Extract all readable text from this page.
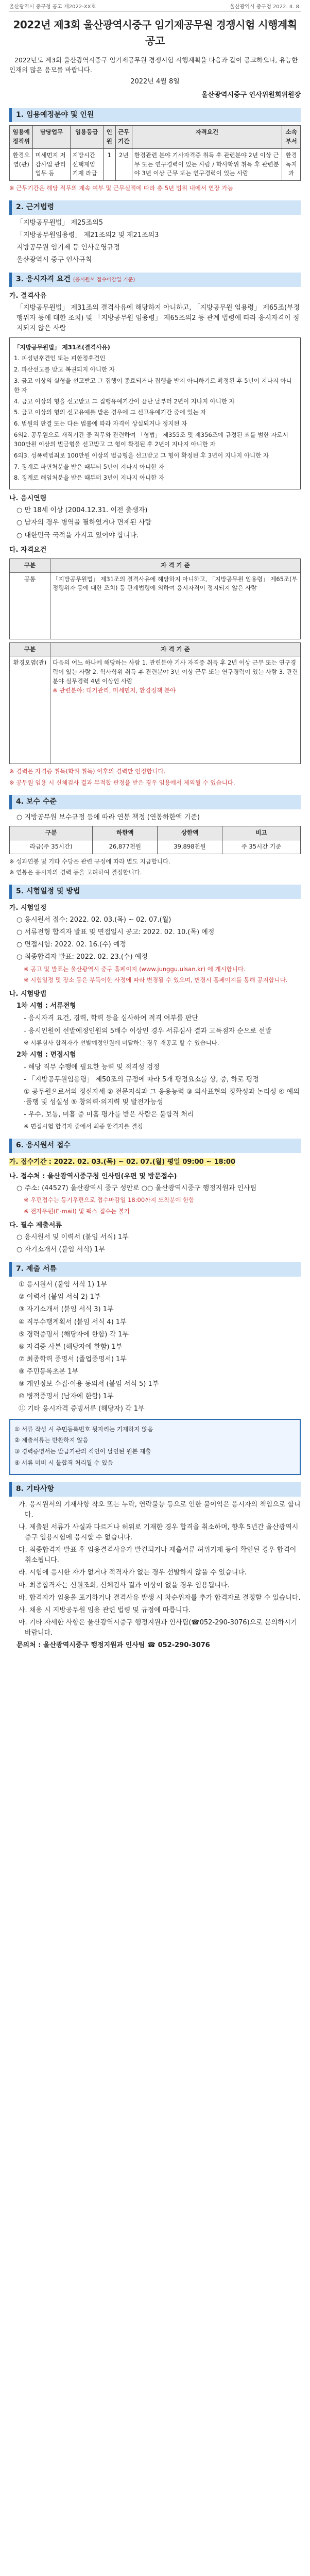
울산광역시 중구청 공고 제2022-XX호	울산광역시 중구청 2022. 4. 8.
2022년 제3회 울산광역시중구 임기제공무원 경쟁시험 시행계획 공고

2022년도 제3회 울산광역시중구 임기제공무원 경쟁시험 시행계획을 다음과 같이 공고하오니, 유능한 인재의 많은 응모를 바랍니다.

2022년 4월 8일

울산광역시중구 인사위원회위원장

1. 임용예정분야 및 인원
임용예정직위	담당업무	임용등급	인원	근무기간	자격요건	소속부서
환경오염(관)	미세먼지 저감사업 관리 업무 등	지방시간선택제임기제 라급	1	2년	환경관련 분야 기사자격증 취득 후 관련분야 2년 이상 근무 또는 연구경력이 있는 사람 / 학사학위 취득 후 관련분야 3년 이상 근무 또는 연구경력이 있는 사람	환경녹지과

※ 근무기간은 해당 직무의 계속 여부 및 근무실적에 따라 총 5년 범위 내에서 연장 가능

2. 근거법령

「지방공무원법」 제25조의5

「지방공무원임용령」 제21조의2 및 제21조의3

지방공무원 임기제 등 인사운영규정

울산광역시 중구 인사규칙

3. 응시자격 요건 (응시원서 접수마감일 기준)
가. 결격사유

「지방공무원법」 제31조의 결격사유에 해당하지 아니하고, 「지방공무원 임용령」 제65조(부정행위자 등에 대한 조치) 및 「지방공무원 임용령」 제65조의2 등 관계 법령에 따라 응시자격이 정지되지 않은 사람

「지방공무원법」 제31조(결격사유)

1. 피성년후견인 또는 피한정후견인

2. 파산선고를 받고 복권되지 아니한 자

3. 금고 이상의 실형을 선고받고 그 집행이 종료되거나 집행을 받지 아니하기로 확정된 후 5년이 지나지 아니한 자

4. 금고 이상의 형을 선고받고 그 집행유예기간이 끝난 날부터 2년이 지나지 아니한 자

5. 금고 이상의 형의 선고유예를 받은 경우에 그 선고유예기간 중에 있는 자

6. 법원의 판결 또는 다른 법률에 따라 자격이 상실되거나 정지된 자

6의2. 공무원으로 재직기간 중 직무와 관련하여 「형법」 제355조 및 제356조에 규정된 죄를 범한 자로서 300만원 이상의 벌금형을 선고받고 그 형이 확정된 후 2년이 지나지 아니한 자

6의3. 성폭력범죄로 100만원 이상의 벌금형을 선고받고 그 형이 확정된 후 3년이 지나지 아니한 자

7. 징계로 파면처분을 받은 때부터 5년이 지나지 아니한 자

8. 징계로 해임처분을 받은 때부터 3년이 지나지 아니한 자

나. 응시연령

○ 만 18세 이상 (2004.12.31. 이전 출생자)

○ 남자의 경우 병역을 필하였거나 면제된 사람

○ 대한민국 국적을 가지고 있어야 합니다.

다. 자격요건
구분	자 격 기 준
공통	「지방공무원법」 제31조의 결격사유에 해당하지 아니하고, 「지방공무원 임용령」 제65조(부정행위자 등에 대한 조치) 등 관계법령에 의하여 응시자격이 정지되지 않은 사람
구분	자 격 기 준
환경오염(관)	다음의 어느 하나에 해당하는 사람 1. 관련분야 기사 자격증 취득 후 2년 이상 근무 또는 연구경력이 있는 사람 2. 학사학위 취득 후 관련분야 3년 이상 근무 또는 연구경력이 있는 사람 3. 관련분야 실무경력 4년 이상인 사람
※ 관련분야: 대기관리, 미세먼지, 환경정책 분야

※ 경력은 자격증 취득(학위 취득) 이후의 경력만 인정합니다.

※ 공무원 임용 시 신체검사 결과 부적합 판정을 받은 경우 임용에서 제외될 수 있습니다.

4. 보수 수준

○ 지방공무원 보수규정 등에 따라 연봉 책정 (연봉하한액 기준)

구분	하한액	상한액	비고
라급(주 35시간)	26,877천원	39,898천원	주 35시간 기준

※ 성과연봉 및 기타 수당은 관련 규정에 따라 별도 지급합니다.

※ 연봉은 응시자의 경력 등을 고려하여 결정합니다.

5. 시험일정 및 방법
가. 시험일정

○ 응시원서 접수: 2022. 02. 03.(목) ~ 02. 07.(월)

○ 서류전형 합격자 발표 및 면접일시 공고: 2022. 02. 10.(목) 예정

○ 면접시험: 2022. 02. 16.(수) 예정

○ 최종합격자 발표: 2022. 02. 23.(수) 예정

※ 공고 및 발표는 울산광역시 중구 홈페이지 (www.junggu.ulsan.kr) 에 게시합니다.

※ 시험일정 및 장소 등은 부득이한 사정에 따라 변경될 수 있으며, 변경시 홈페이지를 통해 공지합니다.

나. 시험방법

1차 시험 : 서류전형

- 응시자격 요건, 경력, 학력 등을 심사하여 적격 여부를 판단

- 응시인원이 선발예정인원의 5배수 이상인 경우 서류심사 결과 고득점자 순으로 선발

※ 서류심사 합격자가 선발예정인원에 미달하는 경우 재공고 할 수 있습니다.

2차 시험 : 면접시험

- 해당 직무 수행에 필요한 능력 및 적격성 검정

- 「지방공무원임용령」 제50조의 규정에 따라 5개 평정요소를 상, 중, 하로 평정

① 공무원으로서의 정신자세 ② 전문지식과 그 응용능력 ③ 의사표현의 정확성과 논리성 ④ 예의·품행 및 성실성 ⑤ 창의력·의지력 및 발전가능성

- 우수, 보통, 미흡 중 미흡 평가를 받은 사람은 불합격 처리

※ 면접시험 합격자 중에서 최종 합격자를 결정

6. 응시원서 접수
가. 접수기간 : 2022. 02. 03.(목) ~ 02. 07.(월) 평일 09:00 ~ 18:00
나. 접수처 : 울산광역시중구청 인사팀(우편 및 방문접수)

○ 주소: (44527) 울산광역시 중구 성안로 ○○ 울산광역시중구 행정지원과 인사팀

※ 우편접수는 등기우편으로 접수마감일 18:00까지 도착분에 한함

※ 전자우편(E-mail) 및 팩스 접수는 불가

다. 필수 제출서류

○ 응시원서 및 이력서 (붙임 서식) 1부

○ 자기소개서 (붙임 서식) 1부

7. 제출 서류

① 응시원서 (붙임 서식 1) 1부

② 이력서 (붙임 서식 2) 1부

③ 자기소개서 (붙임 서식 3) 1부

④ 직무수행계획서 (붙임 서식 4) 1부

⑤ 경력증명서 (해당자에 한함) 각 1부

⑥ 자격증 사본 (해당자에 한함) 1부

⑦ 최종학력 증명서 (졸업증명서) 1부

⑧ 주민등록초본 1부

⑨ 개인정보 수집·이용 동의서 (붙임 서식 5) 1부

⑩ 병적증명서 (남자에 한함) 1부

⑪ 기타 응시자격 증빙서류 (해당자) 각 1부

① 서류 작성 시 주민등록번호 뒷자리는 기재하지 않음

② 제출서류는 반환하지 않음

③ 경력증명서는 발급기관의 직인이 날인된 원본 제출

④ 서류 미비 시 불합격 처리될 수 있음

8. 기타사항

가. 응시원서의 기재사항 착오 또는 누락, 연락불능 등으로 인한 불이익은 응시자의 책임으로 합니다.

나. 제출된 서류가 사실과 다르거나 허위로 기재한 경우 합격을 취소하며, 향후 5년간 울산광역시중구 임용시험에 응시할 수 없습니다.

다. 최종합격자 발표 후 임용결격사유가 발견되거나 제출서류 허위기재 등이 확인된 경우 합격이 취소됩니다.

라. 시험에 응시한 자가 없거나 적격자가 없는 경우 선발하지 않을 수 있습니다.

마. 최종합격자는 신원조회, 신체검사 결과 이상이 없을 경우 임용됩니다.

바. 합격자가 임용을 포기하거나 결격사유 발생 시 차순위자를 추가 합격자로 결정할 수 있습니다.

사. 채용 시 지방공무원 임용 관련 법령 및 규정에 따릅니다.

아. 기타 자세한 사항은 울산광역시중구 행정지원과 인사팀(☎052-290-3076)으로 문의하시기 바랍니다.

문의처 : 울산광역시중구 행정지원과 인사팀 ☎ 052-290-3076
